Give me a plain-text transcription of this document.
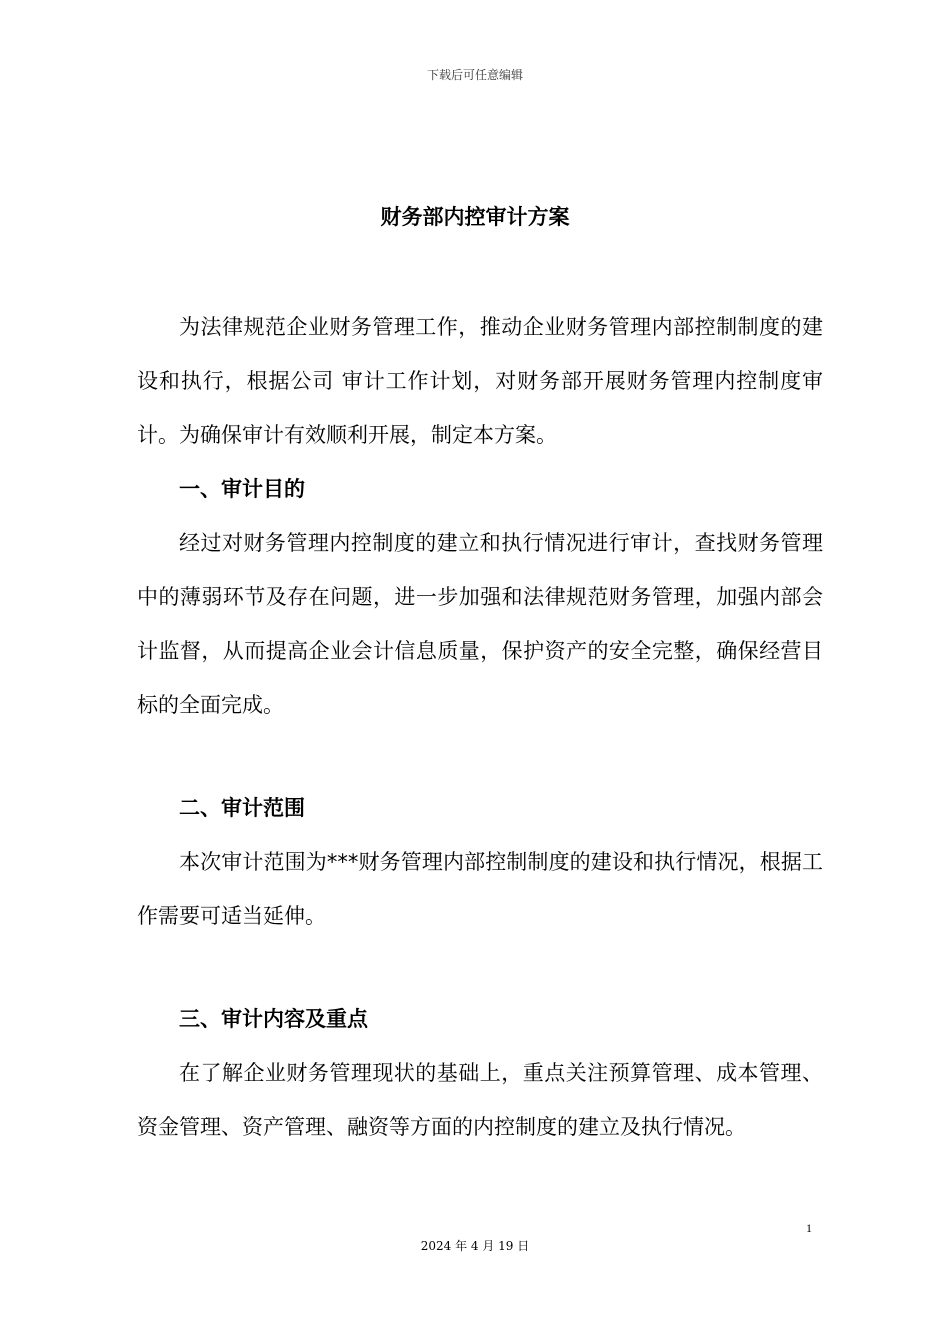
下载后可任意编辑
财务部内控审计方案

为法律规范企业财务管理工作，推动企业财务管理内部控制制度的建设和执行，根据公司 审计工作计划，对财务部开展财务管理内控制度审计。为确保审计有效顺利开展，制定本方案。

一、审计目的

经过对财务管理内控制度的建立和执行情况进行审计，查找财务管理中的薄弱环节及存在问题，进一步加强和法律规范财务管理，加强内部会计监督，从而提高企业会计信息质量，保护资产的安全完整，确保经营目标的全面完成。

二、审计范围

本次审计范围为***财务管理内部控制制度的建设和执行情况，根据工作需要可适当延伸。

三、审计内容及重点

在了解企业财务管理现状的基础上，重点关注预算管理、成本管理、资金管理、资产管理、融资等方面的内控制度的建立及执行情况。

1
2024 年 4 月 19 日
